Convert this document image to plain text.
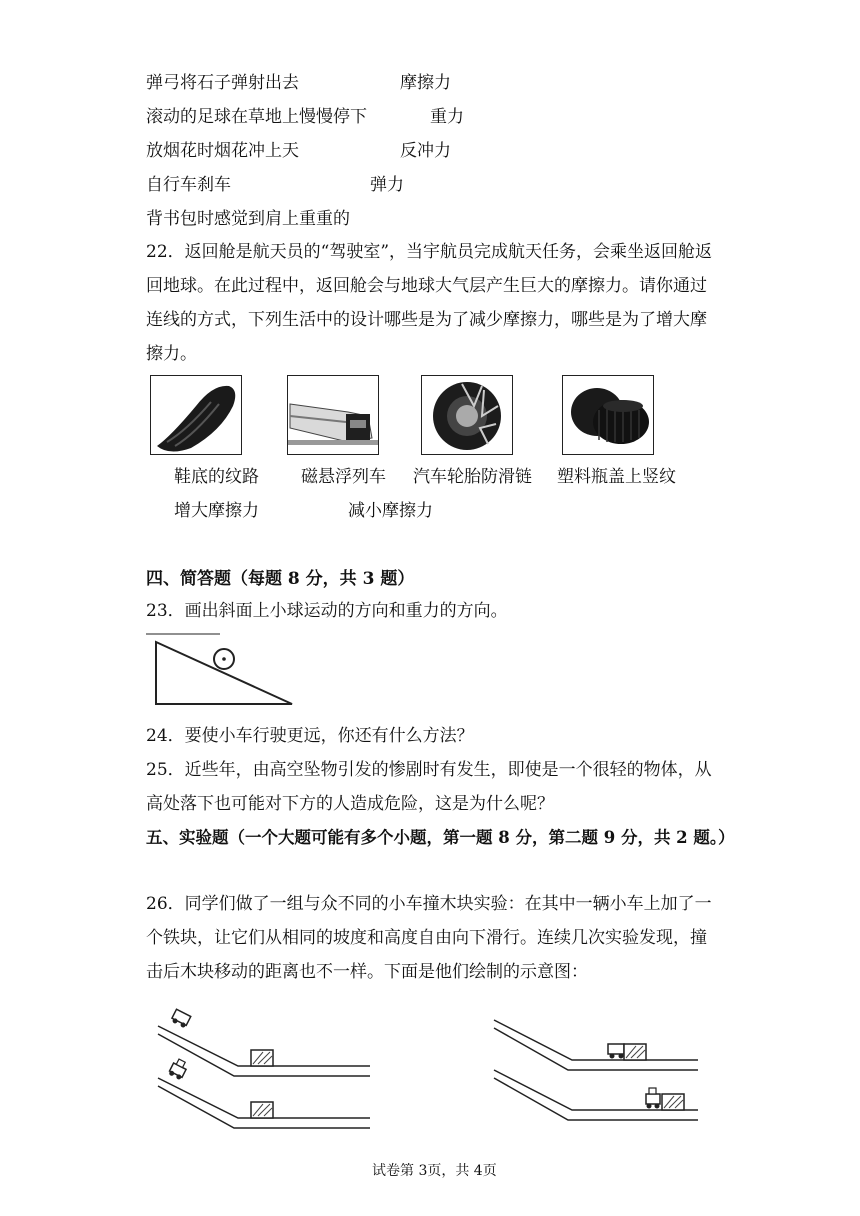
弹弓将石子弹射出去
滚动的足球在草地上慢慢停下
放烟花时烟花冲上天
自行车刹车
背书包时感觉到肩上重重的
摩擦力
重力
反冲力
弹力
22．返回舱是航天员的“驾驶室”，当宇航员完成航天任务，会乘坐返回舱返
回地球。在此过程中，返回舱会与地球大气层产生巨大的摩擦力。请你通过
连线的方式，下列生活中的设计哪些是为了减少摩擦力，哪些是为了增大摩
擦力。
鞋底的纹路 磁悬浮列车 汽车轮胎防滑链 塑料瓶盖上竖纹
增大摩擦力	减小摩擦力
四、简答题（每题 8 分，共 3 题）
23．画出斜面上小球运动的方向和重力的方向。
24．要使小车行驶更远，你还有什么方法？
25．近些年，由高空坠物引发的惨剧时有发生，即使是一个很轻的物体，从
高处落下也可能对下方的人造成危险，这是为什么呢？
五、实验题（一个大题可能有多个小题，第一题 8 分，第二题 9 分，共 2 题。）
26．同学们做了一组与众不同的小车撞木块实验：在其中一辆小车上加了一
个铁块，让它们从相同的坡度和高度自由向下滑行。连续几次实验发现，撞
击后木块移动的距离也不一样。下面是他们绘制的示意图：
试卷第 3页，共 4页
